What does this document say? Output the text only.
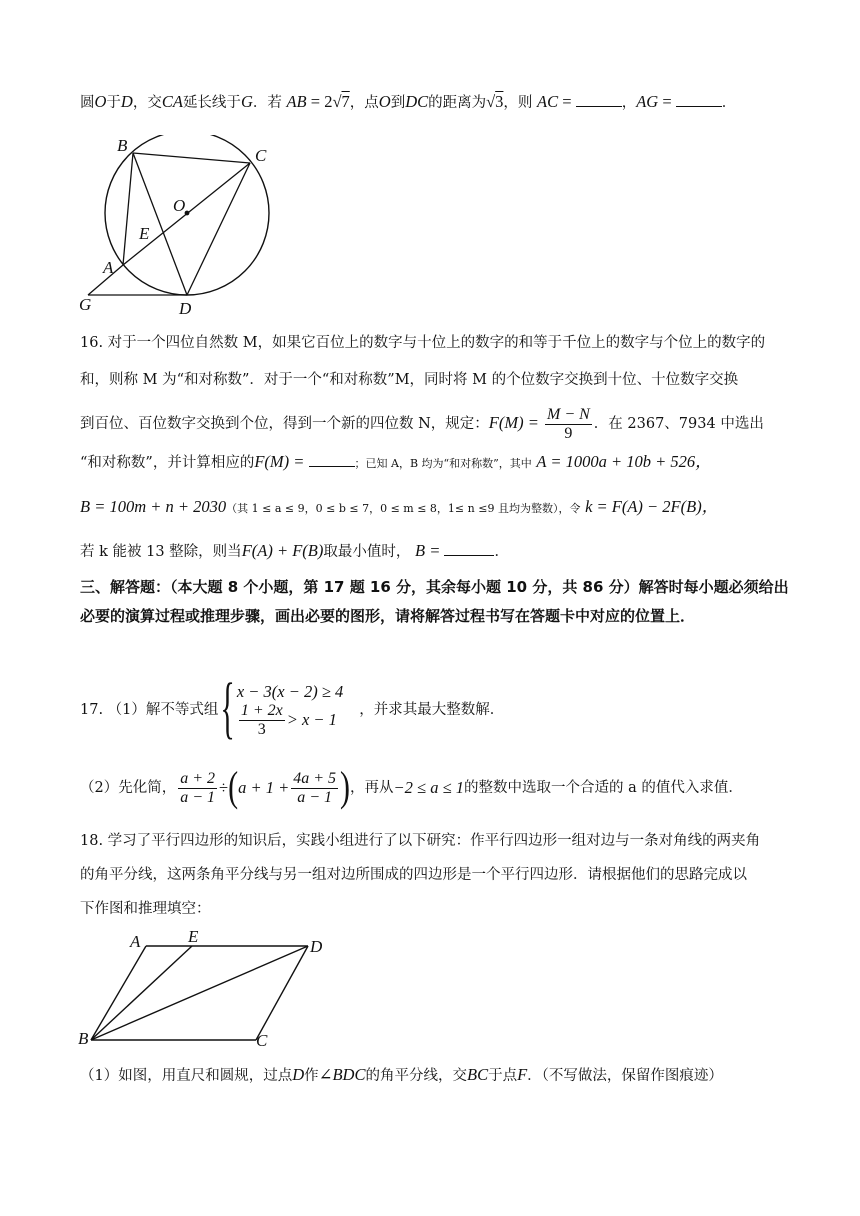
圆O于D，交CA延长线于G．若 AB = 2√7，点O到DC的距离为√3，则 AC =	，AG =	．
B
C
O
E
A
G	D
16. 对于一个四位自然数 M，如果它百位上的数字与十位上的数字的和等于千位上的数字与个位上的数字的
和，则称 M 为“和对称数”．对于一个“和对称数”M，同时将 M 的个位数字交换到十位、十位数字交换
到百位、百位数字交换到个位，得到一个新的四位数 N，规定：$F(M) = \frac{M - N}{9}$ ．在 2367、7934 中选出
“和对称数”，并计算相应的F(M) =	；已知 A，B 均为“和对称数”，其中 A = 1000a + 10b + 526，
B = 100m + n + 2030（其 1 ≤ a ≤ 9，0 ≤ b ≤ 7，0 ≤ m ≤ 8，1≤ n ≤9 且均为整数），令 k = F(A) − 2F(B)，
若 k 能被 13 整除，则当F(A) + F(B)取最小值时， B =	．
三、解答题：（本大题 8 个小题，第 17 题 16 分，其余每小题 10 分，共 86 分）解答时每小题必须给出必要的演算过程或推理步骤，画出必要的图形，请将解答过程书写在答题卡中对应的位置上．
17. （1）解不等式组 { x − 3(x − 2) ≥ 4
$\frac{1 + 2x}{3} > x - 1$ ，并求其最大整数解．
（2）先化简， $\frac{a + 2}{a - 1}$ ÷ ( $a + 1 + \frac{4a + 5}{a - 1}$ ) ，再从 −2 ≤ a ≤ 1 的整数中选取一个合适的 a 的值代入求值．
18. 学习了平行四边形的知识后，实践小组进行了以下研究：作平行四边形一组对边与一条对角线的两夹角
的角平分线，这两条角平分线与另一组对边所围成的四边形是一个平行四边形．请根据他们的思路完成以
下作图和推理填空：
A	E
D
B	C
（1）如图，用直尺和圆规，过点D作∠BDC的角平分线，交BC于点F．（不写做法，保留作图痕迹）
